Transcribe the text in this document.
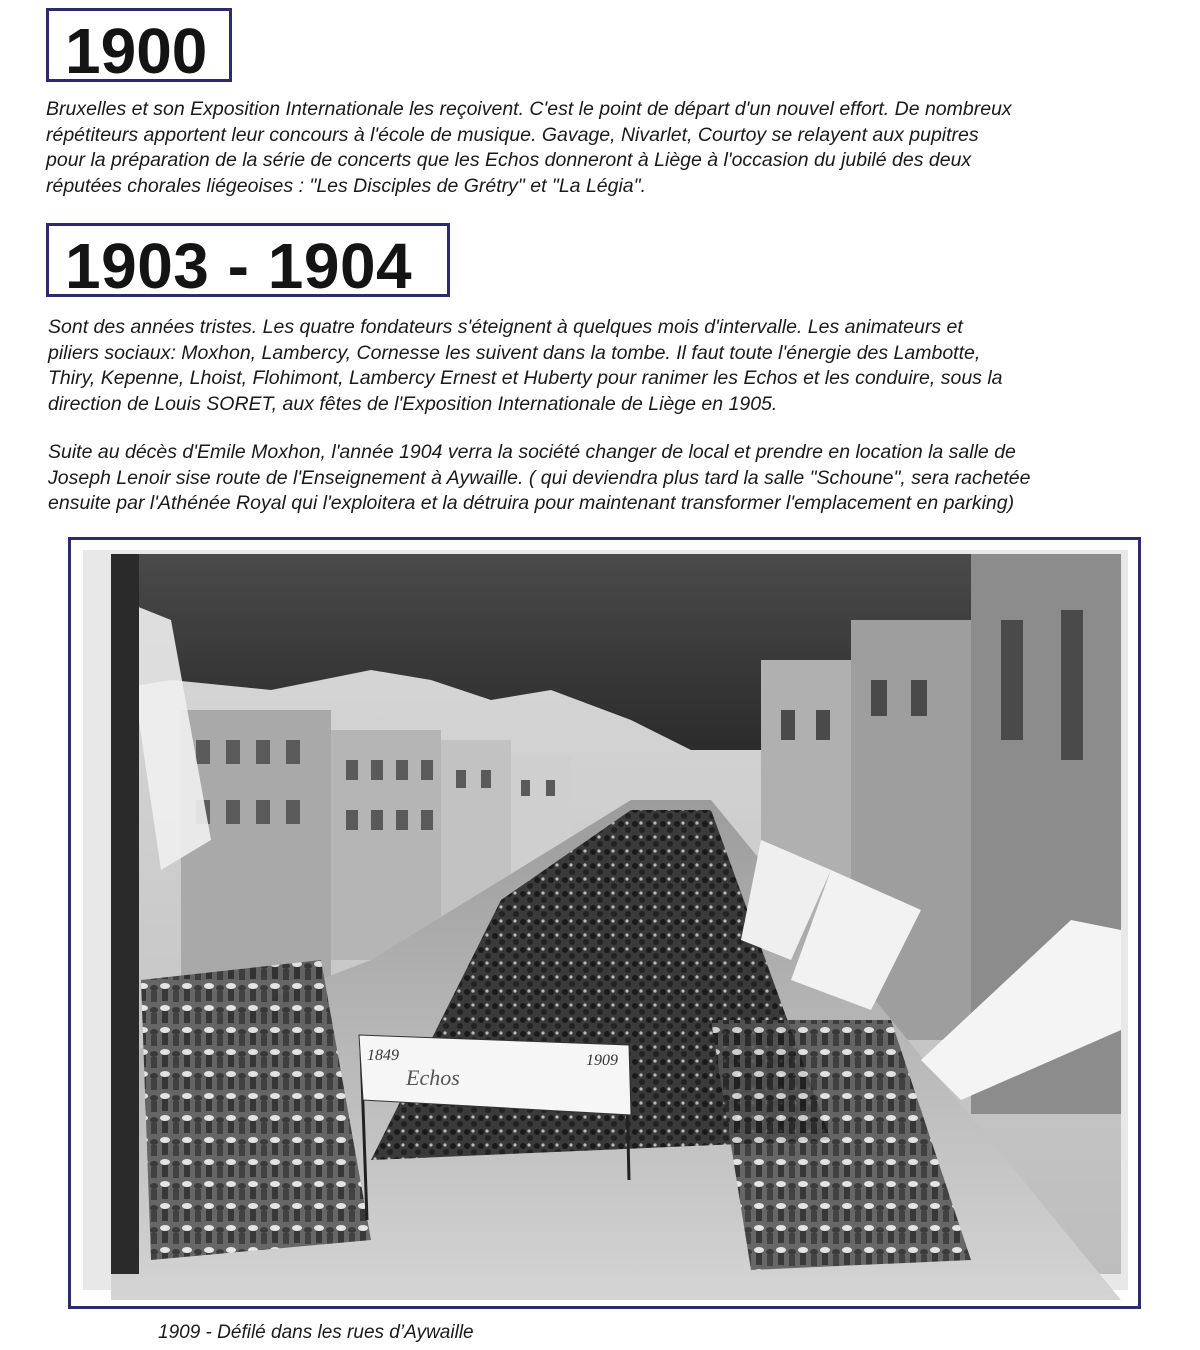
1900

Bruxelles et son Exposition Internationale les reçoivent. C'est le point de départ d'un nouvel effort. De nombreux
répétiteurs apportent leur concours à l'école de musique. Gavage, Nivarlet, Courtoy se relayent aux pupitres
pour la préparation de la série de concerts que les Echos donneront à Liège à l'occasion du jubilé des deux
réputées chorales liégeoises : "Les Disciples de Grétry" et "La Légia".

1903 - 1904

Sont des années tristes. Les quatre fondateurs s'éteignent à quelques mois d'intervalle. Les animateurs et
piliers sociaux: Moxhon, Lambercy, Cornesse les suivent dans la tombe. Il faut toute l'énergie des Lambotte,
Thiry, Kepenne, Lhoist, Flohimont, Lambercy Ernest et Huberty pour ranimer les Echos et les conduire, sous la
direction de Louis SORET, aux fêtes de l'Exposition Internationale de Liège en 1905.

Suite au décès d'Emile Moxhon, l'année 1904 verra la société changer de local et prendre en location la salle de
Joseph Lenoir sise route de l'Enseignement à Aywaille. ( qui deviendra plus tard la salle "Schoune", sera rachetée
ensuite par l'Athénée Royal qui l'exploitera et la détruira pour maintenant transformer l'emplacement en parking)

1849	1909
Echos
1909 - Défilé dans les rues d’Aywaille
